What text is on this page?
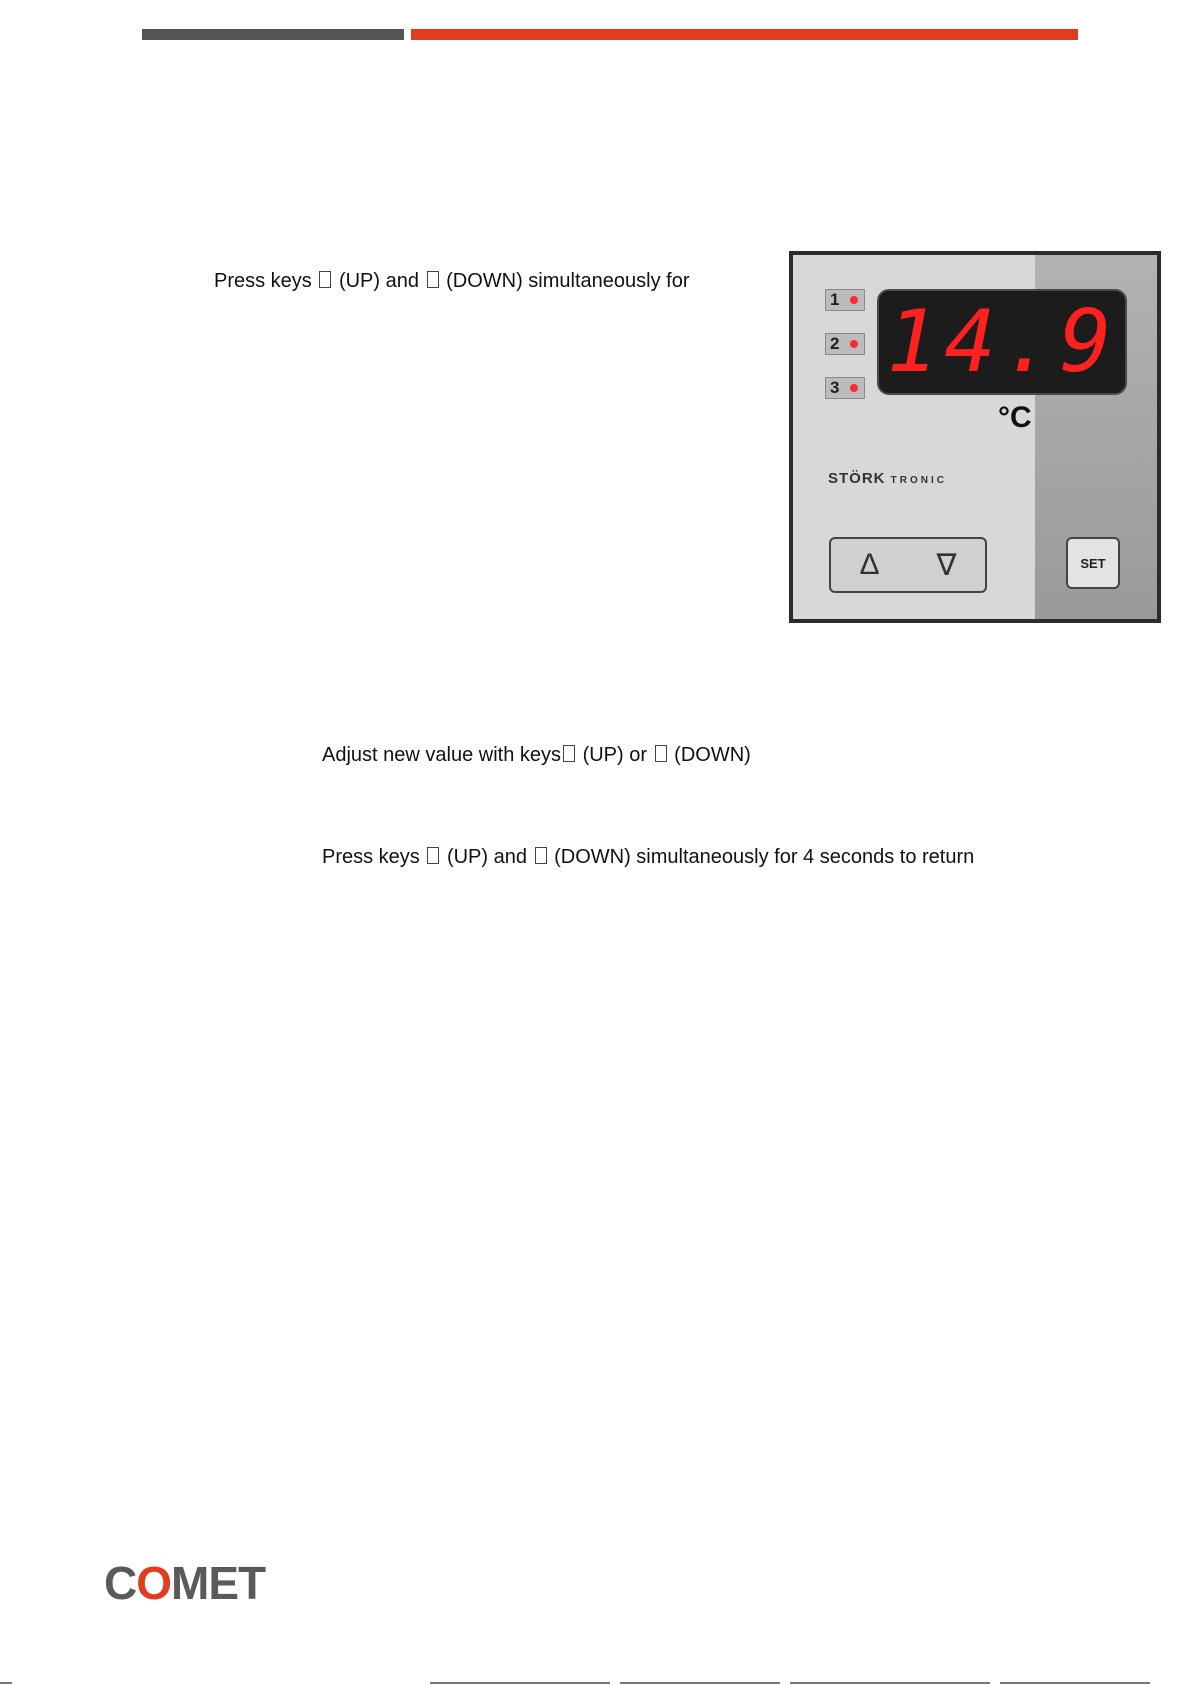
Press keys (UP) and (DOWN) simultaneously for
Adjust new value with keys (UP) or (DOWN)
Press keys (UP) and (DOWN) simultaneously for 4 seconds to return
1
2
3
°C
STÖRK TRONIC
Δ ∇
14.9
SET
COMET
